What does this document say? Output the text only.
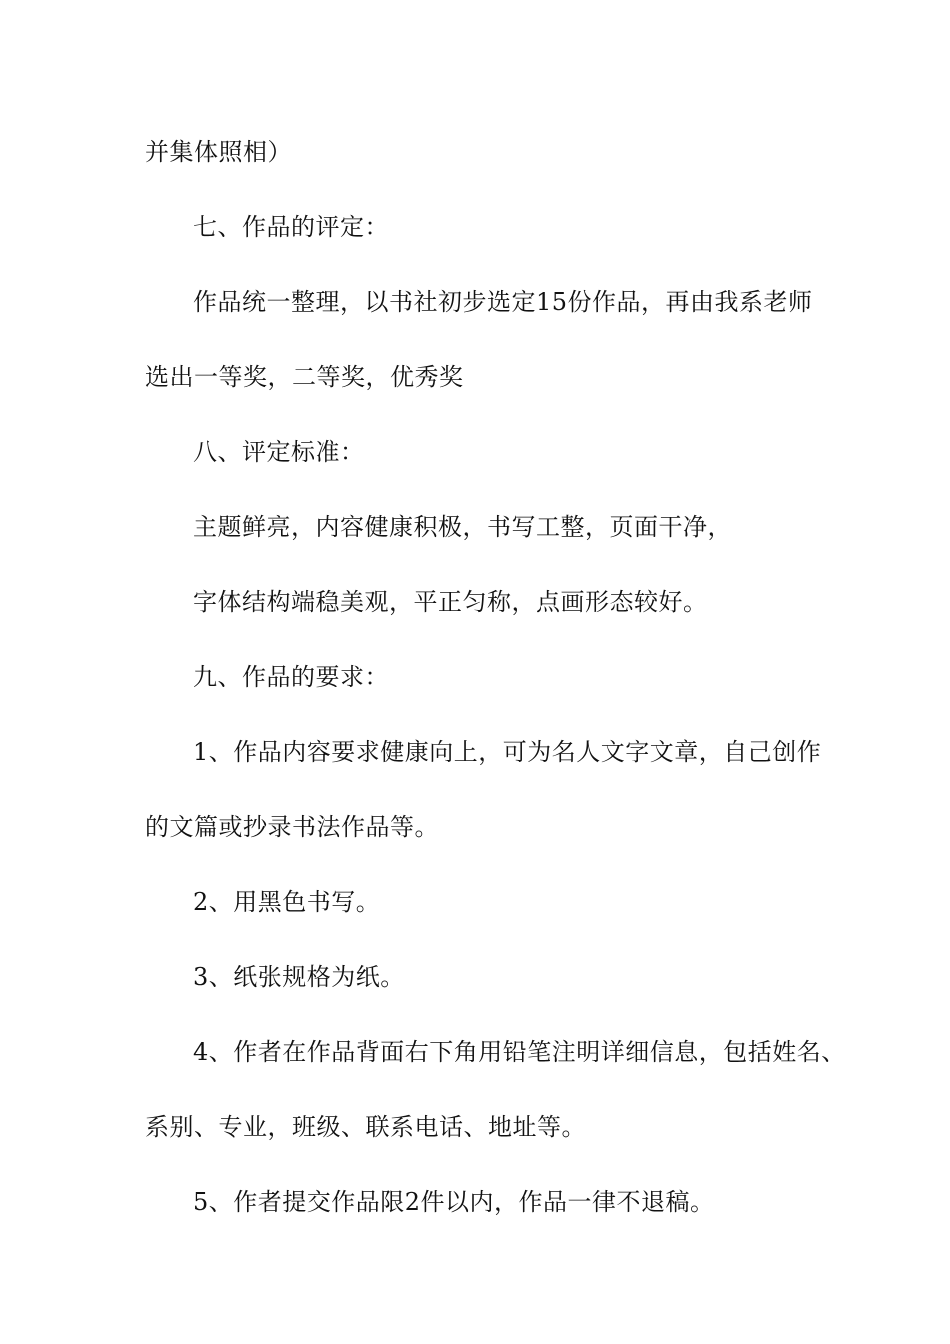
并集体照相）
七、作品的评定：
作品统一整理，以书社初步选定15份作品，再由我系老师
选出一等奖，二等奖，优秀奖
八、评定标准：
主题鲜亮，内容健康积极，书写工整，页面干净，
字体结构端稳美观，平正匀称，点画形态较好。
九、作品的要求：
1、作品内容要求健康向上，可为名人文字文章，自己创作
的文篇或抄录书法作品等。
2、用黑色书写。
3、纸张规格为纸。
4、作者在作品背面右下角用铅笔注明详细信息，包括姓名、
系别、专业，班级、联系电话、地址等。
5、作者提交作品限2件以内，作品一律不退稿。
